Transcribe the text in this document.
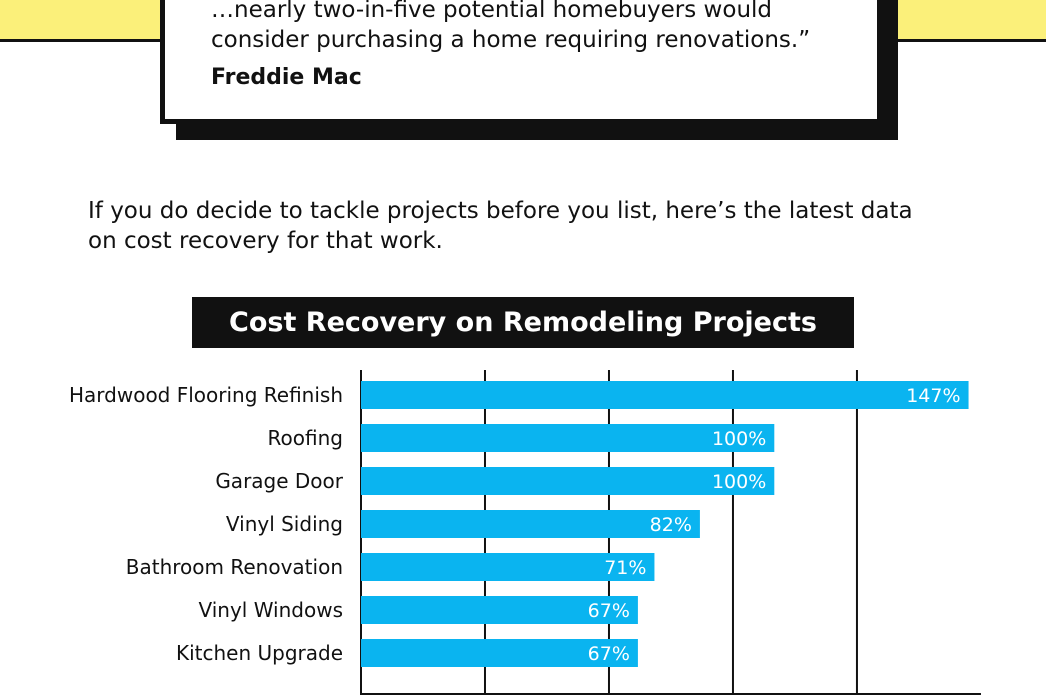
…nearly two-in-five potential homebuyers would consider purchasing a home requiring renovations.”
Freddie Mac
If you do decide to tackle projects before you list, here’s the latest data on cost recovery for that work.
Cost Recovery on Remodeling Projects
147%
Hardwood Flooring Refinish
100%
Roofing
100%
Garage Door
82%
Vinyl Siding
71%
Bathroom Renovation
67%
Vinyl Windows
67%
Kitchen Upgrade
